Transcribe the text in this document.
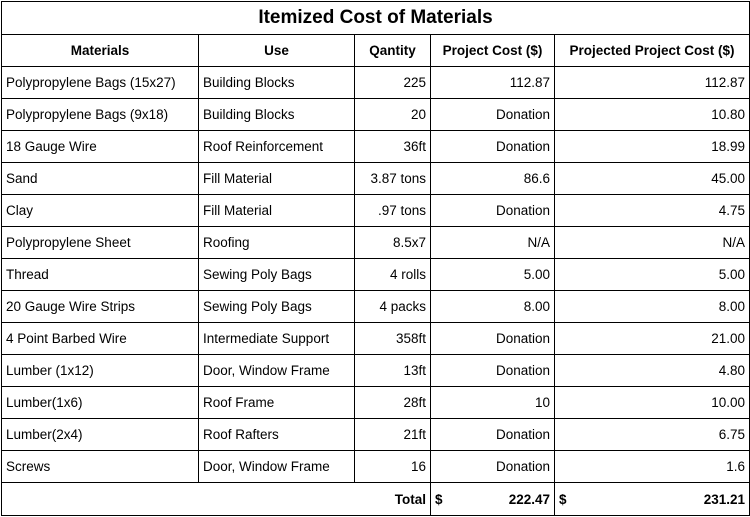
Itemized Cost of Materials				
Materials	Use	Qantity	Project Cost ($)	Projected Project Cost ($)
Polypropylene Bags (15x27)	Building Blocks	225	112.87	112.87
Polypropylene Bags (9x18)	Building Blocks	20	Donation	10.80
18 Gauge Wire	Roof Reinforcement	36ft	Donation	18.99
Sand	Fill Material	3.87 tons	86.6	45.00
Clay	Fill Material	.97 tons	Donation	4.75
Polypropylene Sheet	Roofing	8.5x7	N/A	N/A
Thread	Sewing Poly Bags	4 rolls	5.00	5.00
20 Gauge Wire Strips	Sewing Poly Bags	4 packs	8.00	8.00
4 Point Barbed Wire	Intermediate Support	358ft	Donation	21.00
Lumber (1x12)	Door, Window Frame	13ft	Donation	4.80
Lumber(1x6)	Roof Frame	28ft	10	10.00
Lumber(2x4)	Roof Rafters	21ft	Donation	6.75
Screws	Door, Window Frame	16	Donation	1.6
		Total	$ 222.47	$ 231.21
